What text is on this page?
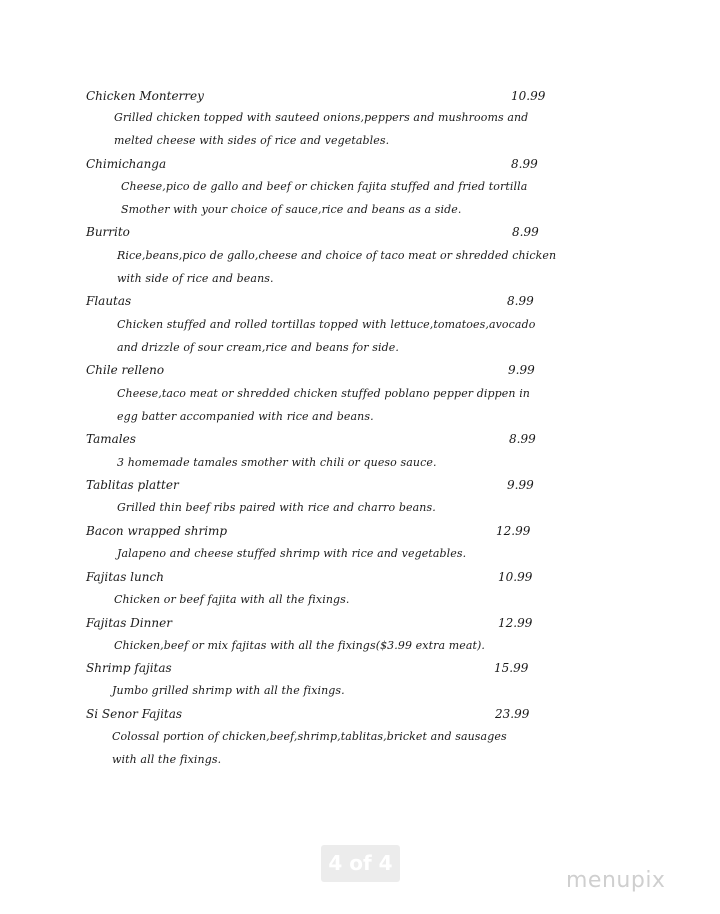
Chicken Monterrey	10.99
Grilled chicken topped with sauteed onions,peppers and mushrooms and
melted cheese with sides of rice and vegetables.
Chimichanga	8.99
Cheese,pico de gallo and beef or chicken fajita stuffed and fried tortilla
Smother with your choice of sauce,rice and beans as a side.
Burrito	8.99
Rice,beans,pico de gallo,cheese and choice of taco meat or shredded chicken
with side of rice and beans.
Flautas	8.99
Chicken stuffed and rolled tortillas topped with lettuce,tomatoes,avocado
and drizzle of sour cream,rice and beans for side.
Chile relleno	9.99
Cheese,taco meat or shredded chicken stuffed poblano pepper dippen in
egg batter accompanied with rice and beans.
Tamales	8.99
3 homemade tamales smother with chili or queso sauce.
Tablitas platter	9.99
Grilled thin beef ribs paired with rice and charro beans.
Bacon wrapped shrimp	12.99
Jalapeno and cheese stuffed shrimp with rice and vegetables.
Fajitas lunch	10.99
Chicken or beef fajita with all the fixings.
Fajitas Dinner	12.99
Chicken,beef or mix fajitas with all the fixings($3.99 extra meat).
Shrimp fajitas	15.99
Jumbo grilled shrimp with all the fixings.
Si Senor Fajitas	23.99
Colossal portion of chicken,beef,shrimp,tablitas,bricket and sausages
with all the fixings.
4 of 4
menupix
